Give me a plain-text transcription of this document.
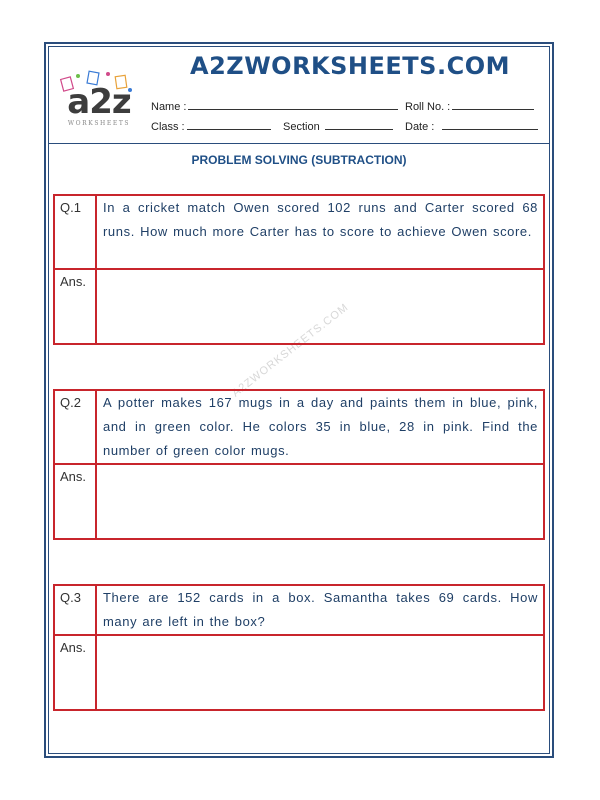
a2z
WORKSHEETS
A2ZWORKSHEETS.COM
Name :	Roll No. :
Class :	Section	Date :
PROBLEM SOLVING (SUBTRACTION)
A2ZWORKSHEETS.COM
Q.1	In a cricket match Owen scored 102 runs and Carter scored 68 runs. How much more Carter has to score to achieve Owen score.
Ans.
Q.2	A potter makes 167 mugs in a day and paints them in blue, pink, and in green color. He colors 35 in blue, 28 in pink. Find the number of green color mugs.
Ans.
Q.3	There are 152 cards in a box. Samantha takes 69 cards. How many are left in the box?
Ans.
